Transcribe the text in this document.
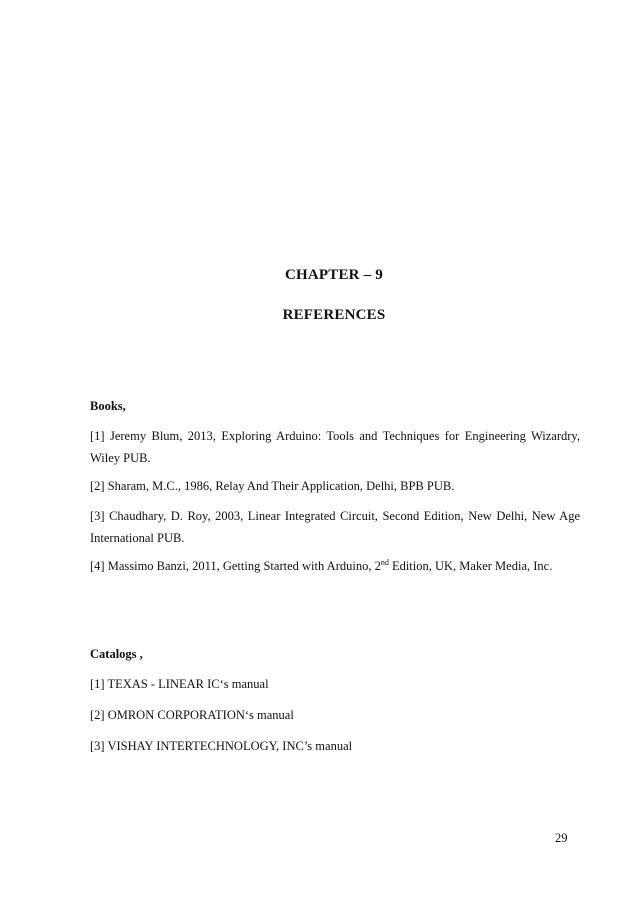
CHAPTER – 9
REFERENCES

Books,

[1] Jeremy Blum, 2013, Exploring Arduino: Tools and Techniques for Engineering Wizardry, Wiley PUB.

[2] Sharam, M.C., 1986, Relay And Their Application, Delhi, BPB PUB.

[3] Chaudhary, D. Roy, 2003, Linear Integrated Circuit, Second Edition, New Delhi, New Age International PUB.

[4] Massimo Banzi, 2011, Getting Started with Arduino, 2nd Edition, UK, Maker Media, Inc.

Catalogs ,

[1] TEXAS - LINEAR IC‘s manual

[2] OMRON CORPORATION‘s manual

[3] VISHAY INTERTECHNOLOGY, INC’s manual

29
